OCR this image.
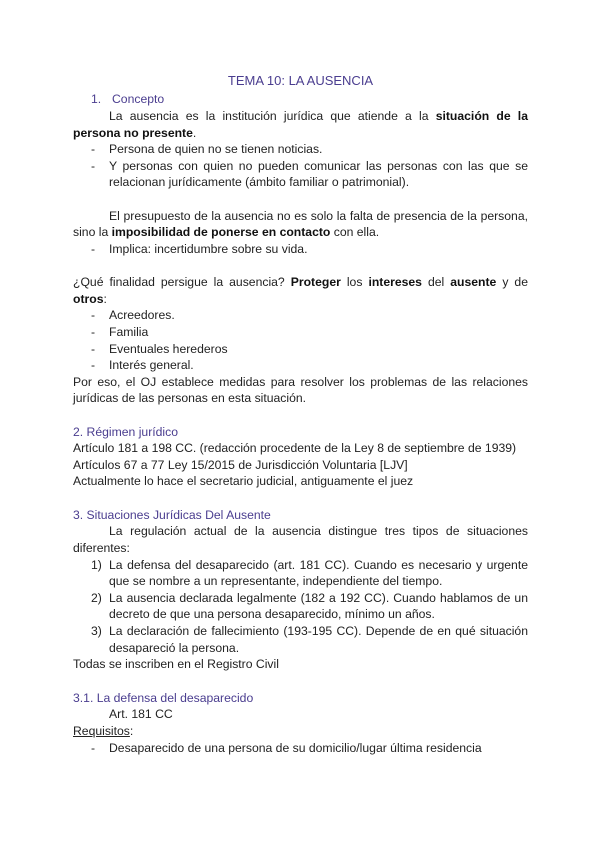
TEMA 10: LA AUSENCIA
1. Concepto
La ausencia es la institución jurídica que atiende a la situación de la
persona no presente.
- Persona de quien no se tienen noticias.
- Y personas con quien no pueden comunicar las personas con las que se
relacionan jurídicamente (ámbito familiar o patrimonial).
El presupuesto de la ausencia no es solo la falta de presencia de la persona,
sino la imposibilidad de ponerse en contacto con ella.
- Implica: incertidumbre sobre su vida.
¿Qué finalidad persigue la ausencia? Proteger los intereses del ausente y de
otros:
- Acreedores.
- Familia
- Eventuales herederos
- Interés general.
Por eso, el OJ establece medidas para resolver los problemas de las relaciones
jurídicas de las personas en esta situación.
2. Régimen jurídico
Artículo 181 a 198 CC. (redacción procedente de la Ley 8 de septiembre de 1939)
Artículos 67 a 77 Ley 15/2015 de Jurisdicción Voluntaria [LJV]
Actualmente lo hace el secretario judicial, antiguamente el juez
3. Situaciones Jurídicas Del Ausente
La regulación actual de la ausencia distingue tres tipos de situaciones
diferentes:
1) La defensa del desaparecido (art. 181 CC). Cuando es necesario y urgente
que se nombre a un representante, independiente del tiempo.
2) La ausencia declarada legalmente (182 a 192 CC). Cuando hablamos de un
decreto de que una persona desaparecido, mínimo un años.
3) La declaración de fallecimiento (193-195 CC). Depende de en qué situación
desapareció la persona.
Todas se inscriben en el Registro Civil
3.1. La defensa del desaparecido
Art. 181 CC
Requisitos:
- Desaparecido de una persona de su domicilio/lugar última residencia
